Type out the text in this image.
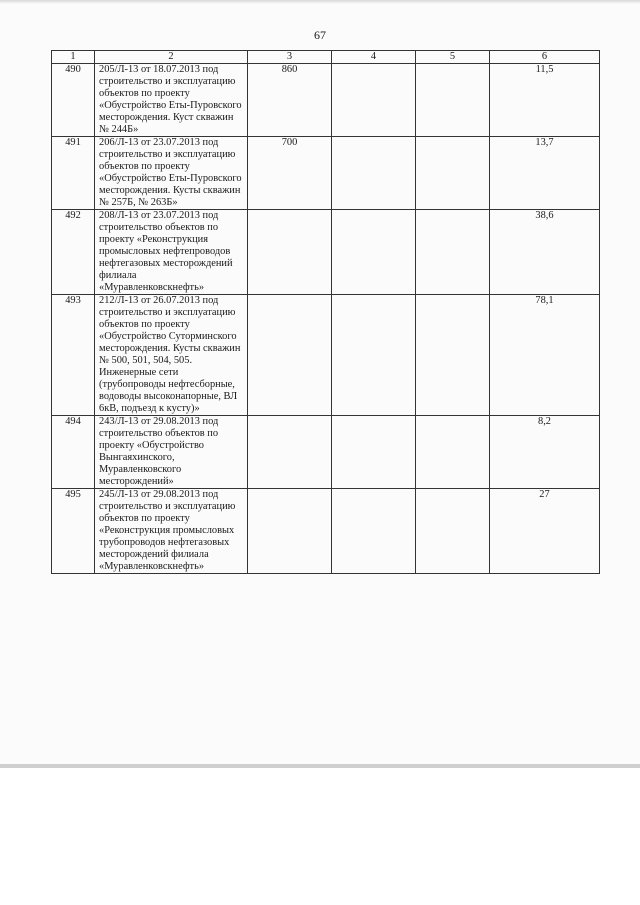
67
1	2	3	4	5	6
490	205/Л-13 от 18.07.2013 под строительство и эксплуатацию объектов по проекту «Обустройство Еты-Пуровского месторождения. Куст скважин № 244Б»	860			11,5
491	206/Л-13 от 23.07.2013 под строительство и эксплуатацию объектов по проекту «Обустройство Еты-Пуровского месторождения. Кусты скважин № 257Б, № 263Б»	700			13,7
492	208/Л-13 от 23.07.2013 под строительство объектов по проекту «Реконструкция промысловых нефтепроводов нефтегазовых месторождений филиала «Муравленковскнефть»				38,6
493	212/Л-13 от 26.07.2013 под строительство и эксплуатацию объектов по проекту «Обустройство Суторминского месторождения. Кусты скважин № 500, 501, 504, 505. Инженерные сети (трубопроводы нефтесборные, водоводы высоконапорные, ВЛ 6кВ, подъезд к кусту)»				78,1
494	243/Л-13 от 29.08.2013 под строительство объектов по проекту «Обустройство Вынгаяхинского, Муравленковского месторождений»				8,2
495	245/Л-13 от 29.08.2013 под строительство и эксплуатацию объектов по проекту «Реконструкция промысловых трубопроводов нефтегазовых месторождений филиала «Муравленковскнефть»				27
